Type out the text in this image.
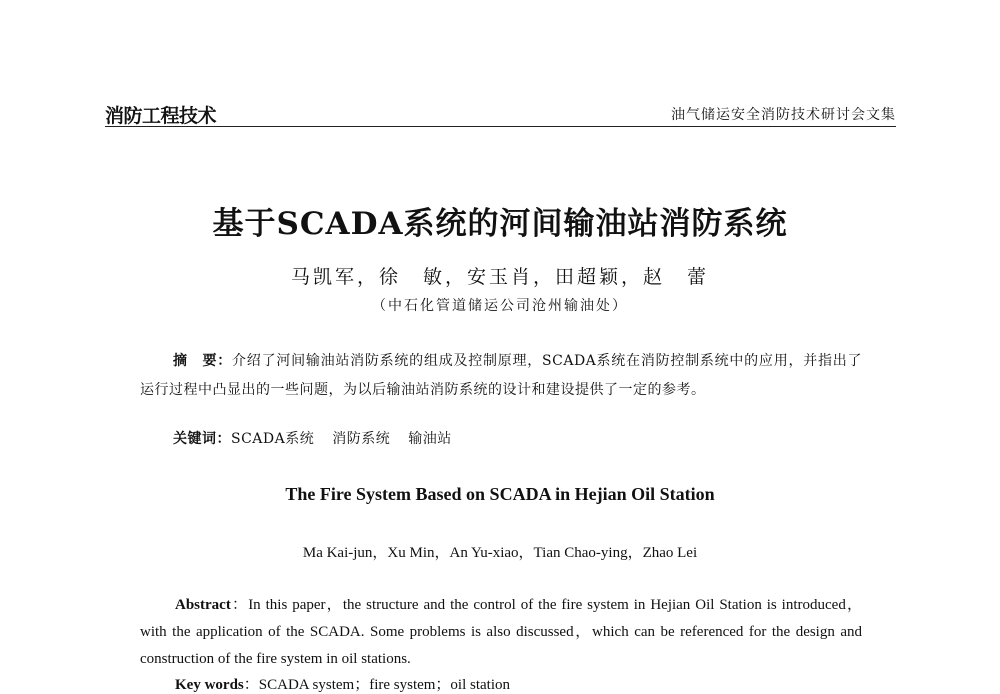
消防工程技术	油气储运安全消防技术研讨会文集
基于SCADA系统的河间输油站消防系统
马凯军，徐　敏，安玉肖，田超颖，赵　蕾
（中石化管道储运公司沧州输油处）
摘　要：介绍了河间输油站消防系统的组成及控制原理，SCADA系统在消防控制系统中的应用，并指出了运行过程中凸显出的一些问题，为以后输油站消防系统的设计和建设提供了一定的参考。
关键词：SCADA系统 消防系统 输油站
The Fire System Based on SCADA in Hejian Oil Station
Ma Kai-jun，Xu Min，An Yu-xiao，Tian Chao-ying，Zhao Lei
Abstract：In this paper，the structure and the control of the fire system in Hejian Oil Station is introduced，with the application of the SCADA. Some problems is also discussed，which can be referenced for the design and construction of the fire system in oil stations.
Key words：SCADA system；fire system；oil station
